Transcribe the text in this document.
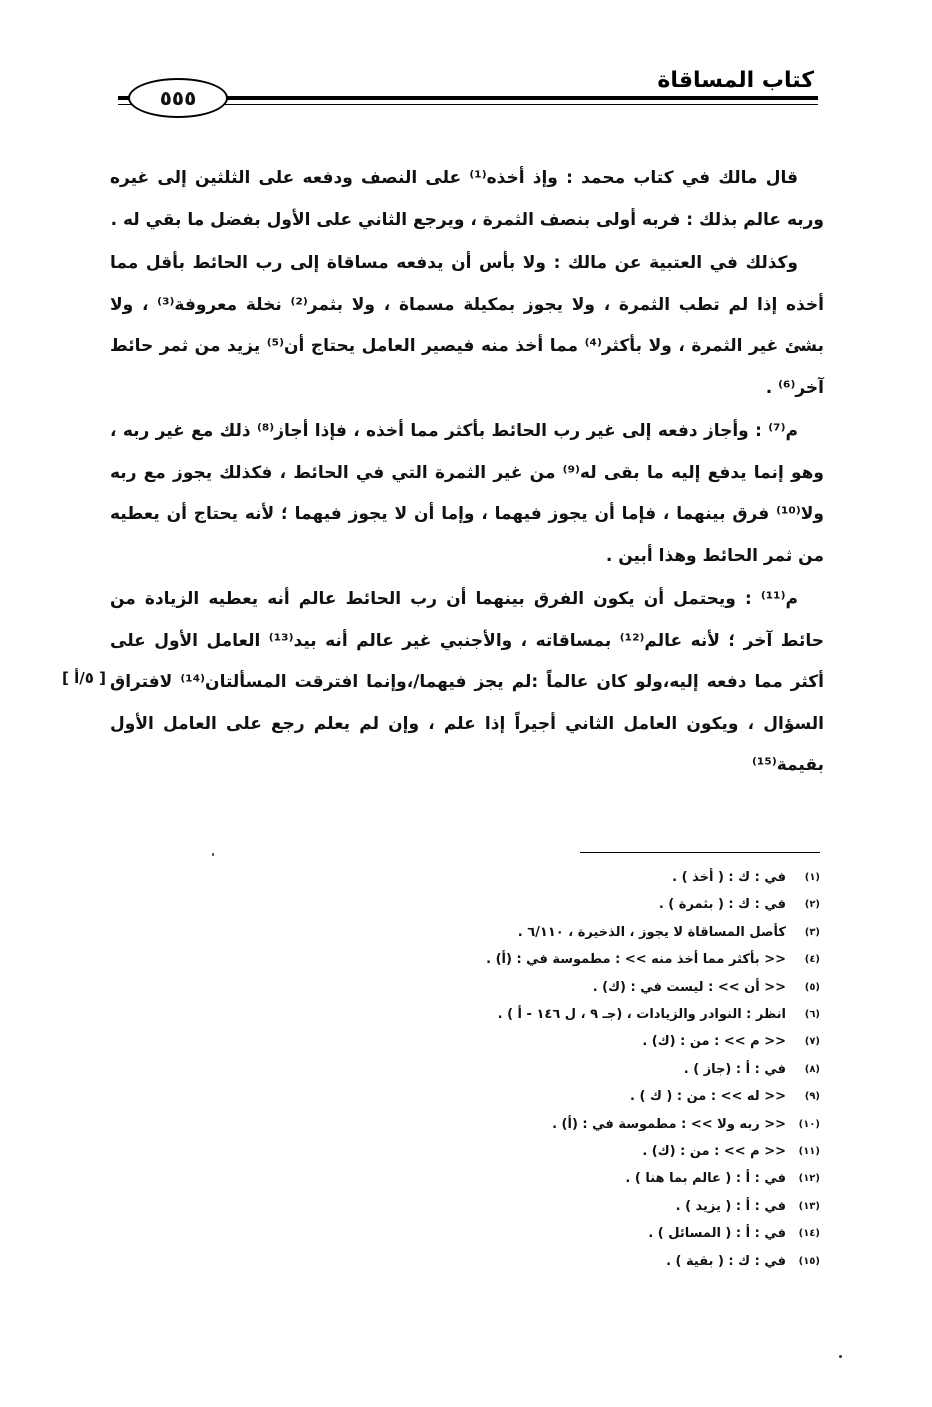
كتاب المساقاة
٥٥٥

قال مالك في كتاب محمد : وإذ أخذه⁽¹⁾ على النصف ودفعه على الثلثين إلى غيره وربه عالم بذلك : فربه أولى بنصف الثمرة ، ويرجع الثاني على الأول بفضل ما بقي له .

وكذلك في العتبية عن مالك : ولا بأس أن يدفعه مساقاة إلى رب الحائط بأقل مما أخذه إذا لم تطب الثمرة ، ولا يجوز بمكيلة مسماة ، ولا بثمر⁽²⁾ نخلة معروفة⁽³⁾ ، ولا بشئ غير الثمرة ، ولا بأكثر⁽⁴⁾ مما أخذ منه فيصير العامل يحتاج أن⁽⁵⁾ يزيد من ثمر حائط آخر⁽⁶⁾ .

م⁽⁷⁾ : وأجاز دفعه إلى غير رب الحائط بأكثر مما أخذه ، فإذا أجاز⁽⁸⁾ ذلك مع غير ربه ، وهو إنما يدفع إليه ما بقى له⁽⁹⁾ من غير الثمرة التي في الحائط ، فكذلك يجوز مع ربه ولا⁽¹⁰⁾ فرق بينهما ، فإما أن يجوز فيهما ، وإما أن لا يجوز فيهما ؛ لأنه يحتاج أن يعطيه من ثمر الحائط وهذا أبين .

م⁽¹¹⁾ : ويحتمل أن يكون الفرق بينهما أن رب الحائط عالم أنه يعطيه الزيادة من حائط آخر ؛ لأنه عالم⁽¹²⁾ بمساقاته ، والأجنبي غير عالم أنه بيد⁽¹³⁾ العامل الأول على أكثر مما دفعه إليه،ولو كان عالماً :لم يجز فيهما/،وإنما افترقت المسألتان⁽¹⁴⁾ لافتراق السؤال ، ويكون العامل الثاني أجيراً إذا علم ، وإن لم يعلم رجع على العامل الأول بقيمة⁽¹⁵⁾

[ ٥/أ ]
(١)
في : ك : ( أخذ ) .
(٢)
في : ك : ( بثمرة ) .
(٣)
كأصل المساقاة لا يجوز ، الذخيرة ، ٦/١١٠ .
(٤)
<< بأكثر مما أخذ منه >> : مطموسة في : (أ) .
(٥)
<< أن >> : ليست في : (ك) .
(٦)
انظر : النوادر والزيادات ، (جـ ٩ ، ل ١٤٦ - أ ) .
(٧)
<< م >> : من : (ك) .
(٨)
في : أ : (جاز ) .
(٩)
<< له >> : من : ( ك ) .
(١٠)
<< ربه ولا >> : مطموسة في : (أ) .
(١١)
<< م >> : من : (ك) .
(١٢)
في : أ : ( عالم بما هنا ) .
(١٣)
في : أ : ( يزيد ) .
(١٤)
في : أ : ( المسائل ) .
(١٥)
في : ك : ( بقية ) .
